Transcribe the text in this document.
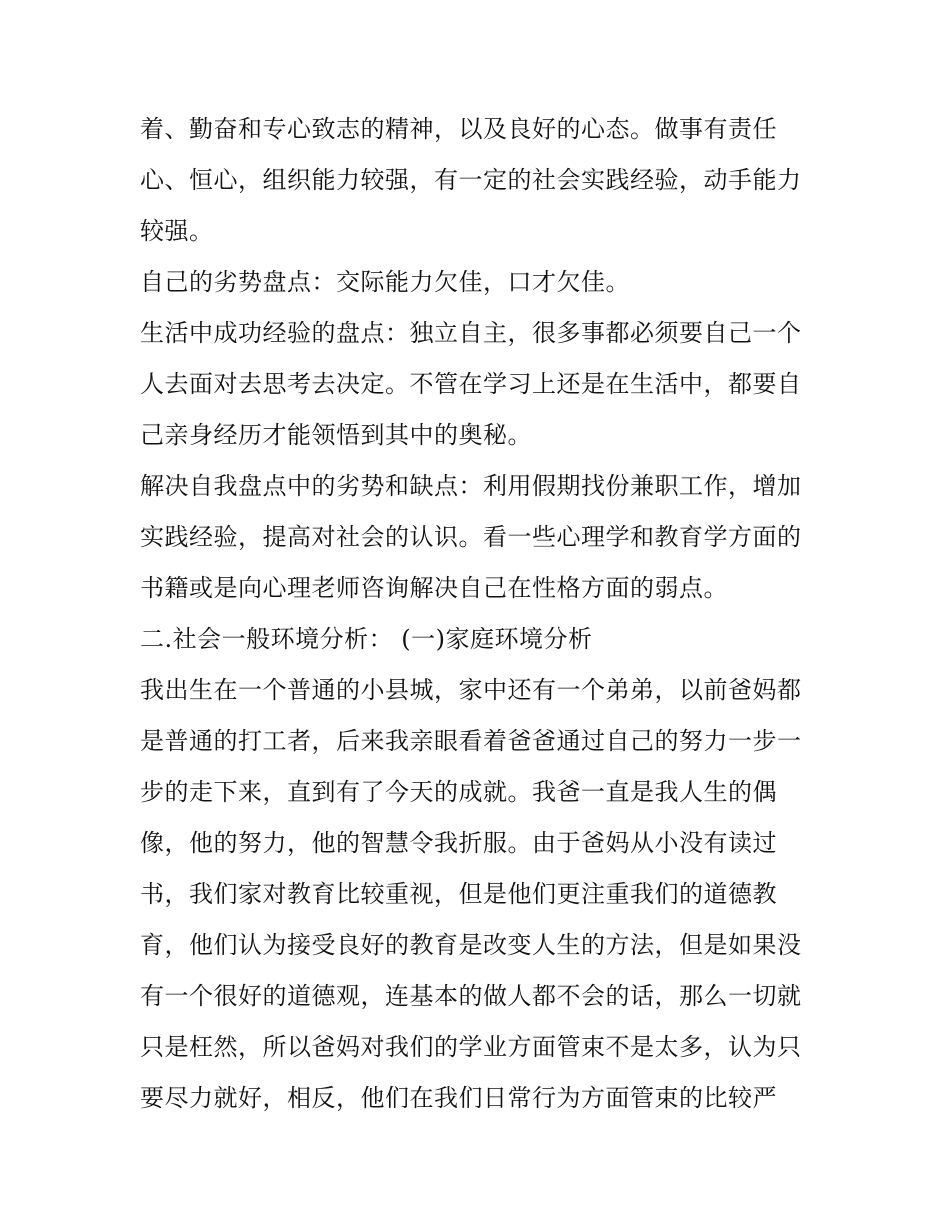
着、勤奋和专心致志的精神，以及良好的心态。做事有责任
心、恒心，组织能力较强，有一定的社会实践经验，动手能力
较强。
自己的劣势盘点：交际能力欠佳，口才欠佳。
生活中成功经验的盘点：独立自主，很多事都必须要自己一个
人去面对去思考去决定。不管在学习上还是在生活中，都要自
己亲身经历才能领悟到其中的奥秘。
解决自我盘点中的劣势和缺点：利用假期找份兼职工作，增加
实践经验，提高对社会的认识。看一些心理学和教育学方面的
书籍或是向心理老师咨询解决自己在性格方面的弱点。
二.社会一般环境分析： (一)家庭环境分析
我出生在一个普通的小县城，家中还有一个弟弟，以前爸妈都
是普通的打工者，后来我亲眼看着爸爸通过自己的努力一步一
步的走下来，直到有了今天的成就。我爸一直是我人生的偶
像，他的努力，他的智慧令我折服。由于爸妈从小没有读过
书，我们家对教育比较重视，但是他们更注重我们的道德教
育，他们认为接受良好的教育是改变人生的方法，但是如果没
有一个很好的道德观，连基本的做人都不会的话，那么一切就
只是枉然，所以爸妈对我们的学业方面管束不是太多，认为只
要尽力就好，相反，他们在我们日常行为方面管束的比较严
